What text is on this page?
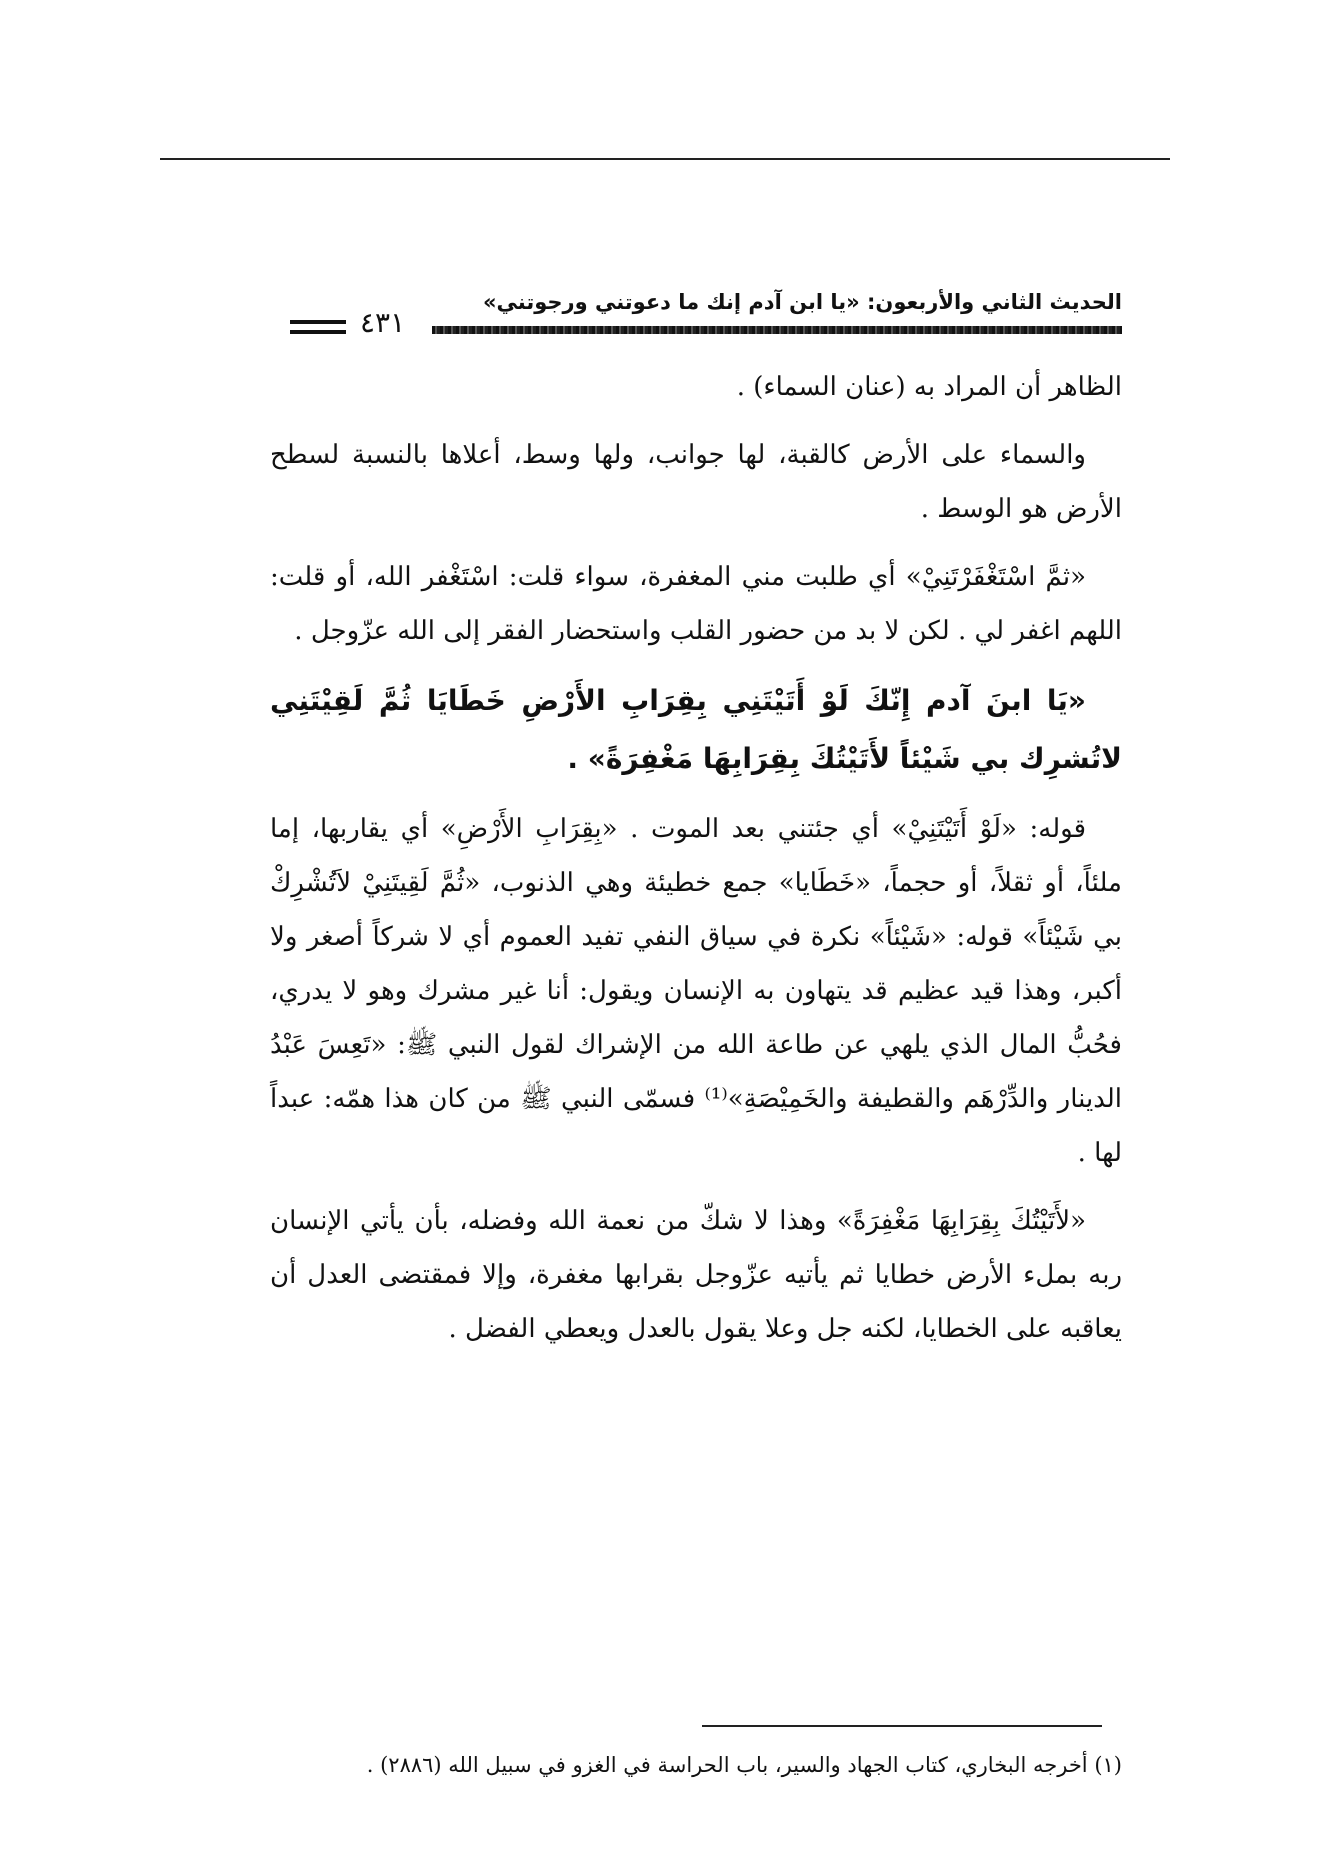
الحديث الثاني والأربعون: «يا ابن آدم إنك ما دعوتني ورجوتني»
٤٣١

الظاهر أن المراد به (عنان السماء) .

والسماء على الأرض كالقبة، لها جوانب، ولها وسط، أعلاها بالنسبة لسطح الأرض هو الوسط .

«ثمَّ اسْتَغْفَرْتَنِيْ» أي طلبت مني المغفرة، سواء قلت: اسْتَغْفر الله، أو قلت: اللهم اغفر لي . لكن لا بد من حضور القلب واستحضار الفقر إلى الله عزّوجل .

«يَا ابنَ آدم إِنّكَ لَوْ أَتَيْتَنِي بِقِرَابِ الأَرْضِ خَطَايَا ثُمَّ لَقِيْتَنِي لاتُشرِك بي شَيْئاً لأَتَيْتُكَ بِقِرَابِهَا مَغْفِرَةً» .

قوله: «لَوْ أَتَيْتَنِيْ» أي جئتني بعد الموت . «بِقِرَابِ الأَرْضِ» أي يقاربها، إما ملئاً، أو ثقلاً، أو حجماً، «خَطَايا» جمع خطيئة وهي الذنوب، «ثُمَّ لَقِيتَنِيْ لاَتُشْرِكْ بي شَيْئاً» قوله: «شَيْئاً» نكرة في سياق النفي تفيد العموم أي لا شركاً أصغر ولا أكبر، وهذا قيد عظيم قد يتهاون به الإنسان ويقول: أنا غير مشرك وهو لا يدري، فحُبُّ المال الذي يلهي عن طاعة الله من الإشراك لقول النبي ﷺ: «تَعِسَ عَبْدُ الدينار والدِّرْهَم والقطيفة والخَمِيْصَةِ»⁽¹⁾ فسمّى النبي ﷺ من كان هذا همّه: عبداً لها .

«لأَتَيْتُكَ بِقِرَابِهَا مَغْفِرَةً» وهذا لا شكّ من نعمة الله وفضله، بأن يأتي الإنسان ربه بملء الأرض خطايا ثم يأتيه عزّوجل بقرابها مغفرة، وإلا فمقتضى العدل أن يعاقبه على الخطايا، لكنه جل وعلا يقول بالعدل ويعطي الفضل .

(١) أخرجه البخاري، كتاب الجهاد والسير، باب الحراسة في الغزو في سبيل الله (٢٨٨٦) .
